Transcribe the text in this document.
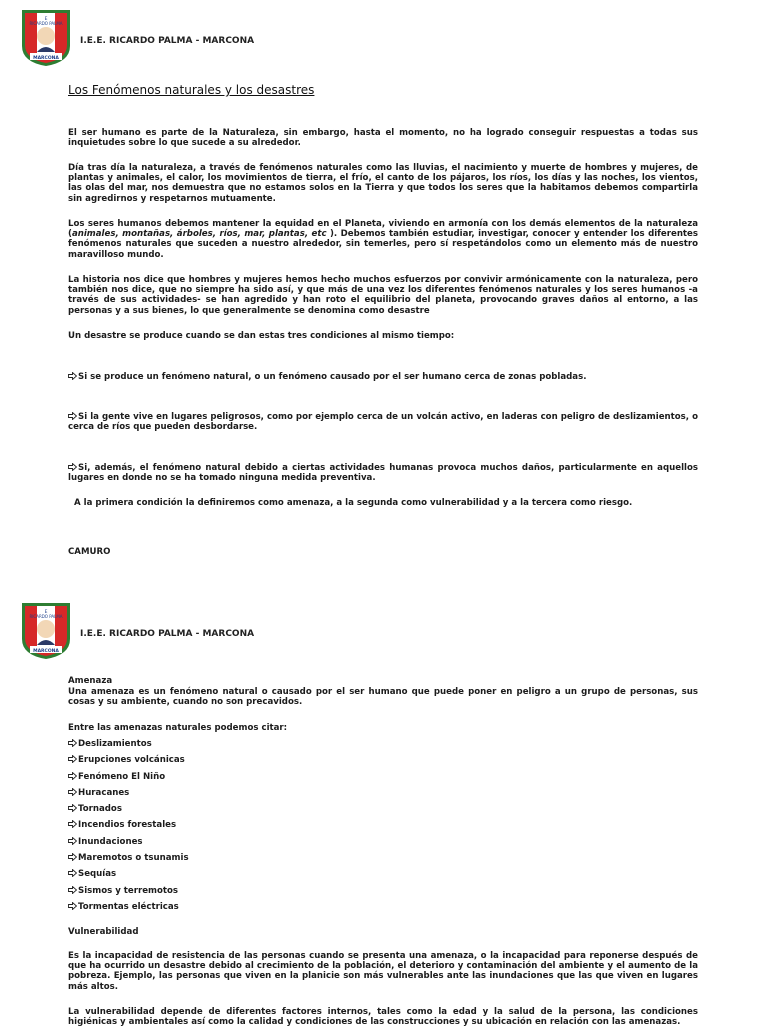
MARCONA
E
RICARDO PALMA
I.E.E. RICARDO PALMA - MARCONA
Los Fenómenos naturales y los desastres

El ser humano es parte de la Naturaleza, sin embargo, hasta el momento, no ha logrado conseguir respuestas a todas sus inquietudes sobre lo que sucede a su alrededor.

Día tras día la naturaleza, a través de fenómenos naturales como las lluvias, el nacimiento y muerte de hombres y mujeres, de plantas y animales, el calor, los movimientos de tierra, el frío, el canto de los pájaros, los ríos, los días y las noches, los vientos, las olas del mar, nos demuestra que no estamos solos en la Tierra y que todos los seres que la habitamos debemos compartirla sin agredirnos y respetarnos mutuamente.

Los seres humanos debemos mantener la equidad en el Planeta, viviendo en armonía con los demás elementos de la naturaleza (animales, montañas, árboles, ríos, mar, plantas, etc ). Debemos también estudiar, investigar, conocer y entender los diferentes fenómenos naturales que suceden a nuestro alrededor, sin temerles, pero sí respetándolos como un elemento más de nuestro maravilloso mundo.

La historia nos dice que hombres y mujeres hemos hecho muchos esfuerzos por convivir armónicamente con la naturaleza, pero también nos dice, que no siempre ha sido así, y que más de una vez los diferentes fenómenos naturales y los seres humanos -a través de sus actividades- se han agredido y han roto el equilibrio del planeta, provocando graves daños al entorno, a las personas y a sus bienes, lo que generalmente se denomina como desastre

Un desastre se produce cuando se dan estas tres condiciones al mismo tiempo:

Si se produce un fenómeno natural, o un fenómeno causado por el ser humano cerca de zonas pobladas.

Si la gente vive en lugares peligrosos, como por ejemplo cerca de un volcán activo, en laderas con peligro de deslizamientos, o cerca de ríos que pueden desbordarse.

Si, además, el fenómeno natural debido a ciertas actividades humanas provoca muchos daños, particularmente en aquellos lugares en donde no se ha tomado ninguna medida preventiva.

A la primera condición la definiremos como amenaza, a la segunda como vulnerabilidad y a la tercera como riesgo.

CAMURO
MARCONA
E
RICARDO PALMA
I.E.E. RICARDO PALMA - MARCONA
Amenaza

Una amenaza es un fenómeno natural o causado por el ser humano que puede poner en peligro a un grupo de personas, sus cosas y su ambiente, cuando no son precavidos.

Entre las amenazas naturales podemos citar:
Deslizamientos
Erupciones volcánicas
Fenómeno El Niño
Huracanes
Tornados
Incendios forestales
Inundaciones
Maremotos o tsunamis
Sequías
Sismos y terremotos
Tormentas eléctricas
Vulnerabilidad

Es la incapacidad de resistencia de las personas cuando se presenta una amenaza, o la incapacidad para reponerse después de que ha ocurrido un desastre debido al crecimiento de la población, el deterioro y contaminación del ambiente y el aumento de la pobreza. Ejemplo, las personas que viven en la planicie son más vulnerables ante las inundaciones que las que viven en lugares más altos.

La vulnerabilidad depende de diferentes factores internos, tales como la edad y la salud de la persona, las condiciones higiénicas y ambientales así como la calidad y condiciones de las construcciones y su ubicación en relación con las amenazas.
